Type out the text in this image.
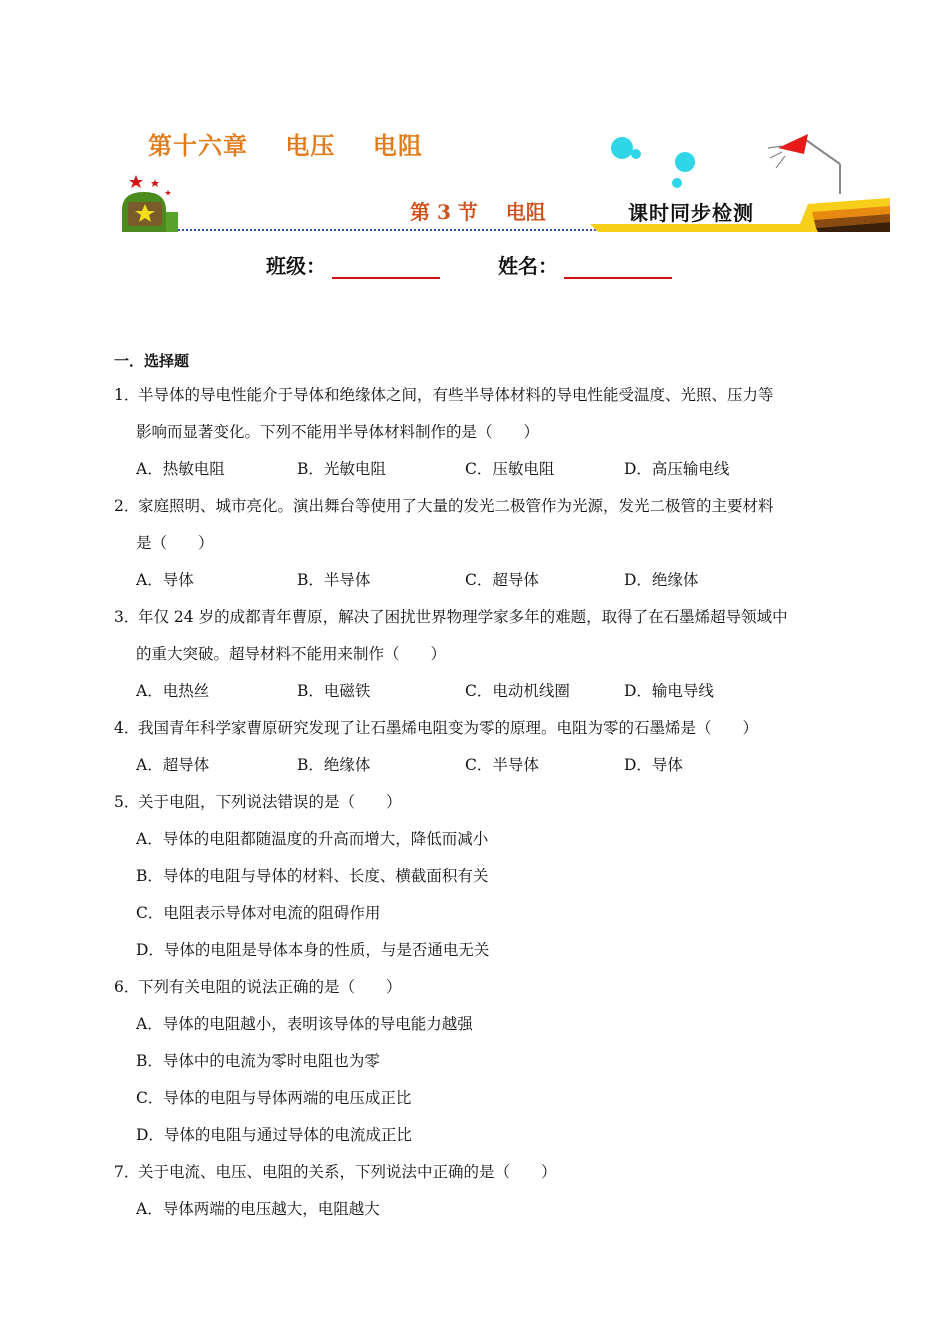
第十六章    电压    电阻
第 3 节    电阻	课时同步检测
班级：	姓名：
一．选择题
1．半导体的导电性能介于导体和绝缘体之间，有些半导体材料的导电性能受温度、光照、压力等
影响而显著变化。下列不能用半导体材料制作的是（　　）
A．热敏电阻	B．光敏电阻	C．压敏电阻	D．高压输电线
2．家庭照明、城市亮化。演出舞台等使用了大量的发光二极管作为光源，发光二极管的主要材料
是（　　）
A．导体	B．半导体	C．超导体	D．绝缘体
3．年仅 24 岁的成都青年曹原，解决了困扰世界物理学家多年的难题，取得了在石墨烯超导领域中
的重大突破。超导材料不能用来制作（　　）
A．电热丝	B．电磁铁	C．电动机线圈	D．输电导线
4．我国青年科学家曹原研究发现了让石墨烯电阻变为零的原理。电阻为零的石墨烯是（　　）
A．超导体	B．绝缘体	C．半导体	D．导体
5．关于电阻，下列说法错误的是（　　）
A．导体的电阻都随温度的升高而增大，降低而减小
B．导体的电阻与导体的材料、长度、横截面积有关
C．电阻表示导体对电流的阻碍作用
D．导体的电阻是导体本身的性质，与是否通电无关
6．下列有关电阻的说法正确的是（　　）
A．导体的电阻越小，表明该导体的导电能力越强
B．导体中的电流为零时电阻也为零
C．导体的电阻与导体两端的电压成正比
D．导体的电阻与通过导体的电流成正比
7．关于电流、电压、电阻的关系，下列说法中正确的是（　　）
A．导体两端的电压越大，电阻越大
